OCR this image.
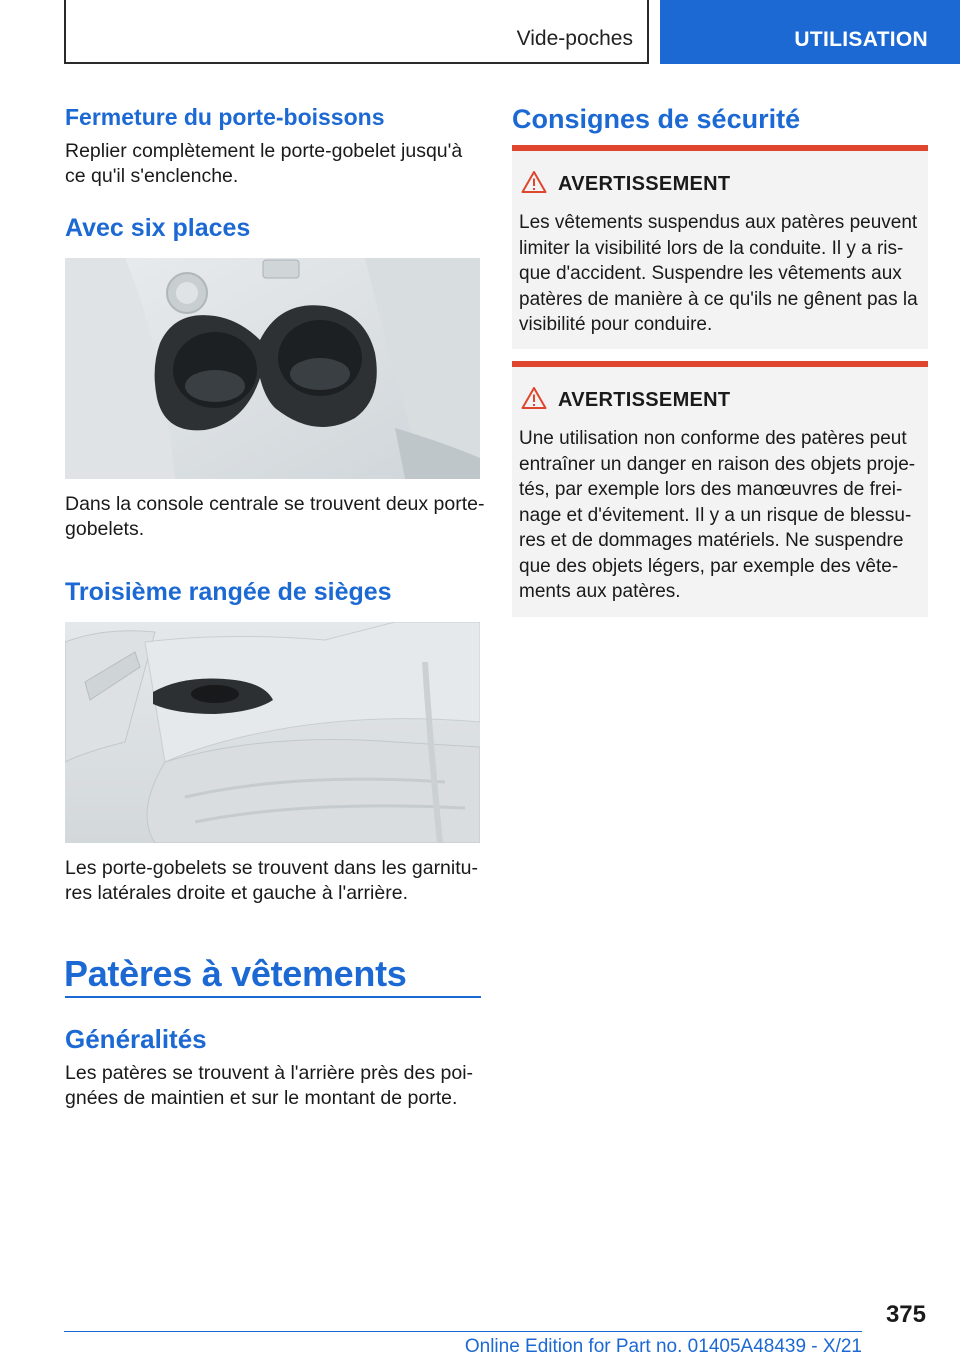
Vide-poches	UTILISATION
Fermeture du porte-boissons
Replier complètement le porte-gobelet jusqu'à
ce qu'il s'enclenche.
Avec six places
Dans la console centrale se trouvent deux porte-
gobelets.
Troisième rangée de sièges
Les porte-gobelets se trouvent dans les garnitu-
res latérales droite et gauche à l'arrière.
Patères à vêtements
Généralités
Les patères se trouvent à l'arrière près des poi-
gnées de maintien et sur le montant de porte.
Consignes de sécurité
AVERTISSEMENT
Les vêtements suspendus aux patères peuvent
limiter la visibilité lors de la conduite. Il y a ris-
que d'accident. Suspendre les vêtements aux
patères de manière à ce qu'ils ne gênent pas la
visibilité pour conduire.
AVERTISSEMENT
Une utilisation non conforme des patères peut
entraîner un danger en raison des objets proje-
tés, par exemple lors des manœuvres de frei-
nage et d'évitement. Il y a un risque de blessu-
res et de dommages matériels. Ne suspendre
que des objets légers, par exemple des vête-
ments aux patères.
375
Online Edition for Part no. 01405A48439 - X/21
